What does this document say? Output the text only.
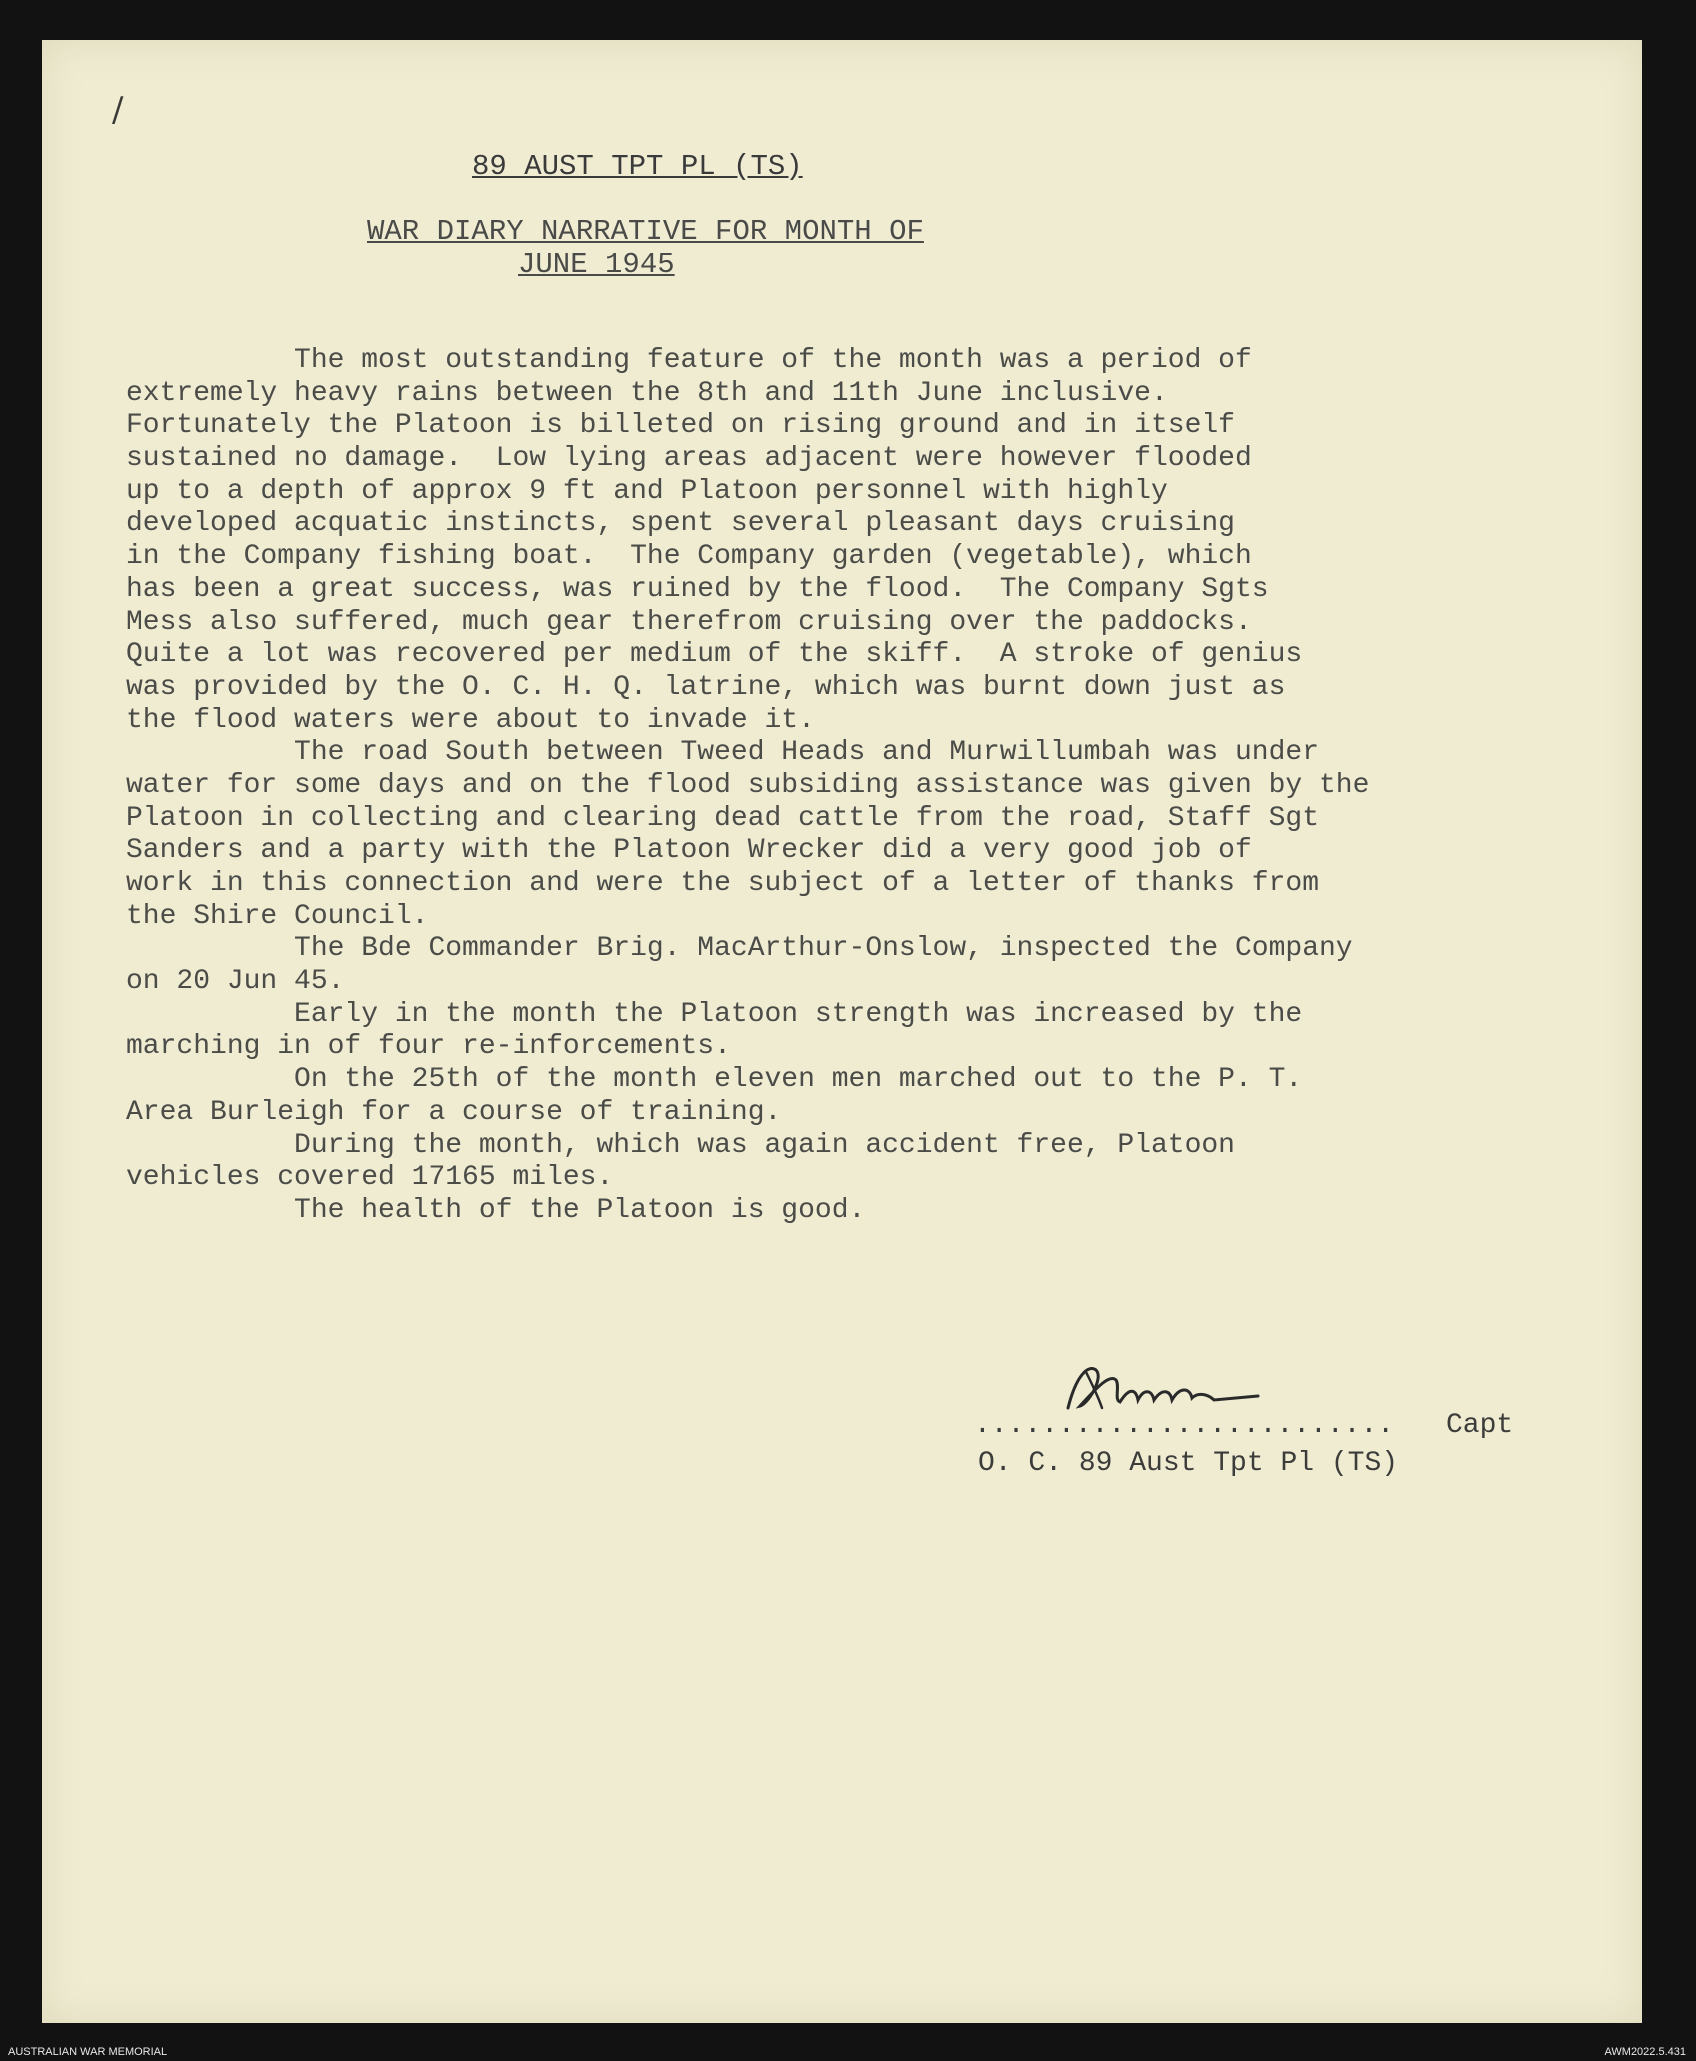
/
89 AUST TPT PL (TS)
WAR DIARY NARRATIVE FOR MONTH OF
JUNE 1945
The most outstanding feature of the month was a period of
extremely heavy rains between the 8th and 11th June inclusive.
Fortunately the Platoon is billeted on rising ground and in itself
sustained no damage.  Low lying areas adjacent were however flooded
up to a depth of approx 9 ft and Platoon personnel with highly
developed acquatic instincts, spent several pleasant days cruising
in the Company fishing boat.  The Company garden (vegetable), which
has been a great success, was ruined by the flood.  The Company Sgts
Mess also suffered, much gear therefrom cruising over the paddocks.
Quite a lot was recovered per medium of the skiff.  A stroke of genius
was provided by the O. C. H. Q. latrine, which was burnt down just as
the flood waters were about to invade it.
The road South between Tweed Heads and Murwillumbah was under
water for some days and on the flood subsiding assistance was given by the
Platoon in collecting and clearing dead cattle from the road, Staff Sgt
Sanders and a party with the Platoon Wrecker did a very good job of
work in this connection and were the subject of a letter of thanks from
the Shire Council.
The Bde Commander Brig. MacArthur-Onslow, inspected the Company
on 20 Jun 45.
Early in the month the Platoon strength was increased by the
marching in of four re-inforcements.
On the 25th of the month eleven men marched out to the P. T.
Area Burleigh for a course of training.
During the month, which was again accident free, Platoon
vehicles covered 17165 miles.
The health of the Platoon is good.
......................... Capt
O. C. 89 Aust Tpt Pl (TS)
AUSTRALIAN WAR MEMORIAL	AWM2022.5.431
